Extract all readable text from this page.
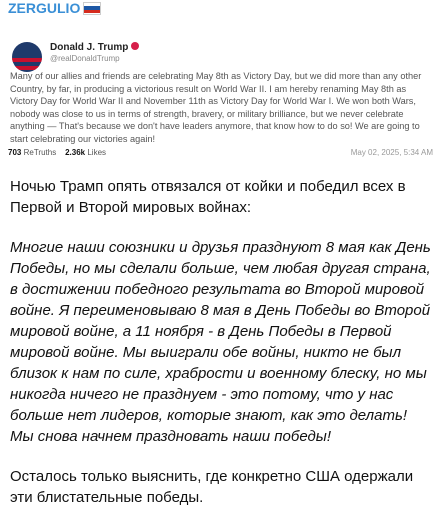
ZERGULIO
Donald J. Trump
@realDonaldTrump
Many of our allies and friends are celebrating May 8th as Victory Day, but we did more than any other Country, by far, in producing a victorious result on World War II. I am hereby renaming May 8th as Victory Day for World War II and November 11th as Victory Day for World War I. We won both Wars, nobody was close to us in terms of strength, bravery, or military brilliance, but we never celebrate anything — That's because we don't have leaders anymore, that know how to do so! We are going to start celebrating our victories again!
703 ReTruths 2.36k Likes	May 02, 2025, 5:34 AM

Ночью Трамп опять отвязался от койки и победил всех в Первой и Второй мировых войнах:

Многие наши союзники и друзья празднуют 8 мая как День Победы, но мы сделали больше, чем любая другая страна, в достижении победного результата во Второй мировой войне. Я переименовываю 8 мая в День Победы во Второй мировой войне, а 11 ноября - в День Победы в Первой мировой войне. Мы выиграли обе войны, никто не был близок к нам по силе, храбрости и военному блеску, но мы никогда ничего не празднуем - это потому, что у нас больше нет лидеров, которые знают, как это делать! Мы снова начнем праздновать наши победы!

Осталось только выяснить, где конкретно США одержали эти блистательные победы.
